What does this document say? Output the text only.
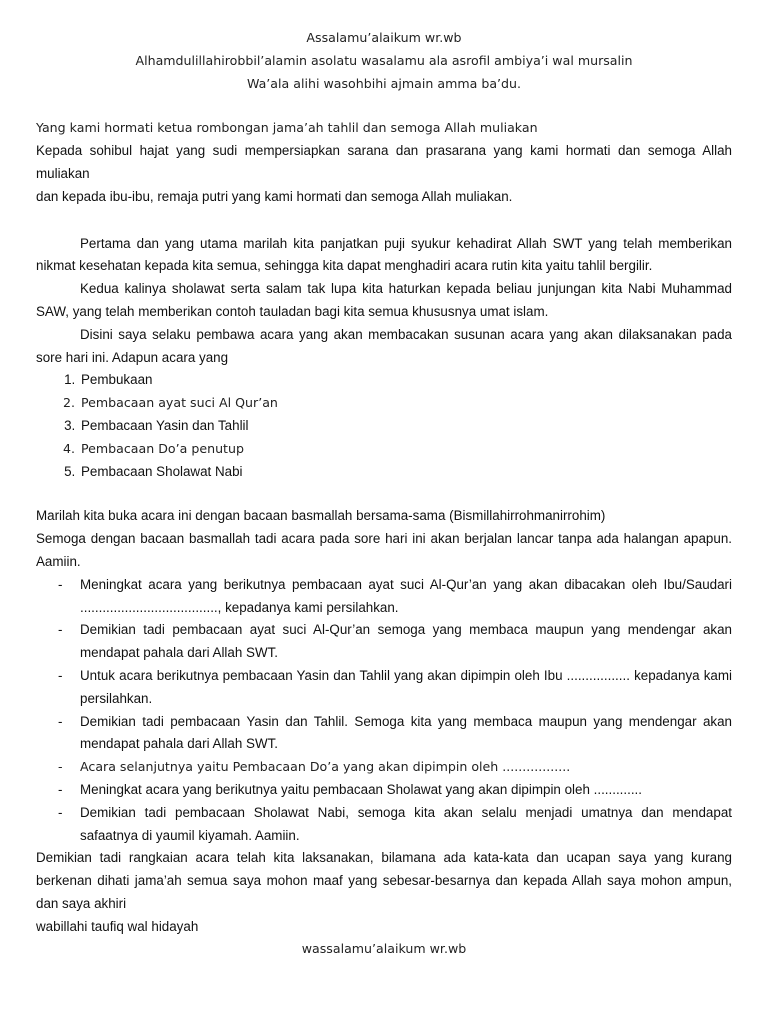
Assalamu’alaikum wr.wb

Alhamdulillahirobbil’alamin asolatu wasalamu ala asrofil ambiya’i wal mursalin

Wa’ala alihi wasohbihi ajmain amma ba’du.

Yang kami hormati ketua rombongan jama’ah tahlil dan semoga Allah muliakan

Kepada sohibul hajat yang sudi mempersiapkan sarana dan prasarana yang kami hormati dan semoga Allah muliakan

dan kepada ibu-ibu, remaja putri yang kami hormati dan semoga Allah muliakan.

Pertama dan yang utama marilah kita panjatkan puji syukur kehadirat Allah SWT yang telah memberikan nikmat kesehatan kepada kita semua, sehingga kita dapat menghadiri acara rutin kita yaitu tahlil bergilir.

Kedua kalinya sholawat serta salam tak lupa kita haturkan kepada beliau junjungan kita Nabi Muhammad SAW, yang telah memberikan contoh tauladan bagi kita semua khususnya umat islam.

Disini saya selaku pembawa acara yang akan membacakan susunan acara yang akan dilaksanakan pada sore hari ini. Adapun acara yang

1. Pembukaan
2. Pembacaan ayat suci Al Qur’an
3. Pembacaan Yasin dan Tahlil
4. Pembacaan Do’a penutup
5. Pembacaan Sholawat Nabi

Marilah kita buka acara ini dengan bacaan basmallah bersama-sama (Bismillahirrohmanirrohim)

Semoga dengan bacaan basmallah tadi acara pada sore hari ini akan berjalan lancar tanpa ada halangan apapun. Aamiin.

- Meningkat acara yang berikutnya pembacaan ayat suci Al-Qur’an yang akan dibacakan oleh Ibu/Saudari ....................................., kepadanya kami persilahkan.
- Demikian tadi pembacaan ayat suci Al-Qur’an semoga yang membaca maupun yang mendengar akan mendapat pahala dari Allah SWT.
- Untuk acara berikutnya pembacaan Yasin dan Tahlil yang akan dipimpin oleh Ibu ................. kepadanya kami persilahkan.
- Demikian tadi pembacaan Yasin dan Tahlil. Semoga kita yang membaca maupun yang mendengar akan mendapat pahala dari Allah SWT.
- Acara selanjutnya yaitu Pembacaan Do’a yang akan dipimpin oleh .................
- Meningkat acara yang berikutnya yaitu pembacaan Sholawat yang akan dipimpin oleh .............
- Demikian tadi pembacaan Sholawat Nabi, semoga kita akan selalu menjadi umatnya dan mendapat safaatnya di yaumil kiyamah. Aamiin.

Demikian tadi rangkaian acara telah kita laksanakan, bilamana ada kata-kata dan ucapan saya yang kurang berkenan dihati jama’ah semua saya mohon maaf yang sebesar-besarnya dan kepada Allah saya mohon ampun, dan saya akhiri

wabillahi taufiq wal hidayah

wassalamu’alaikum wr.wb
